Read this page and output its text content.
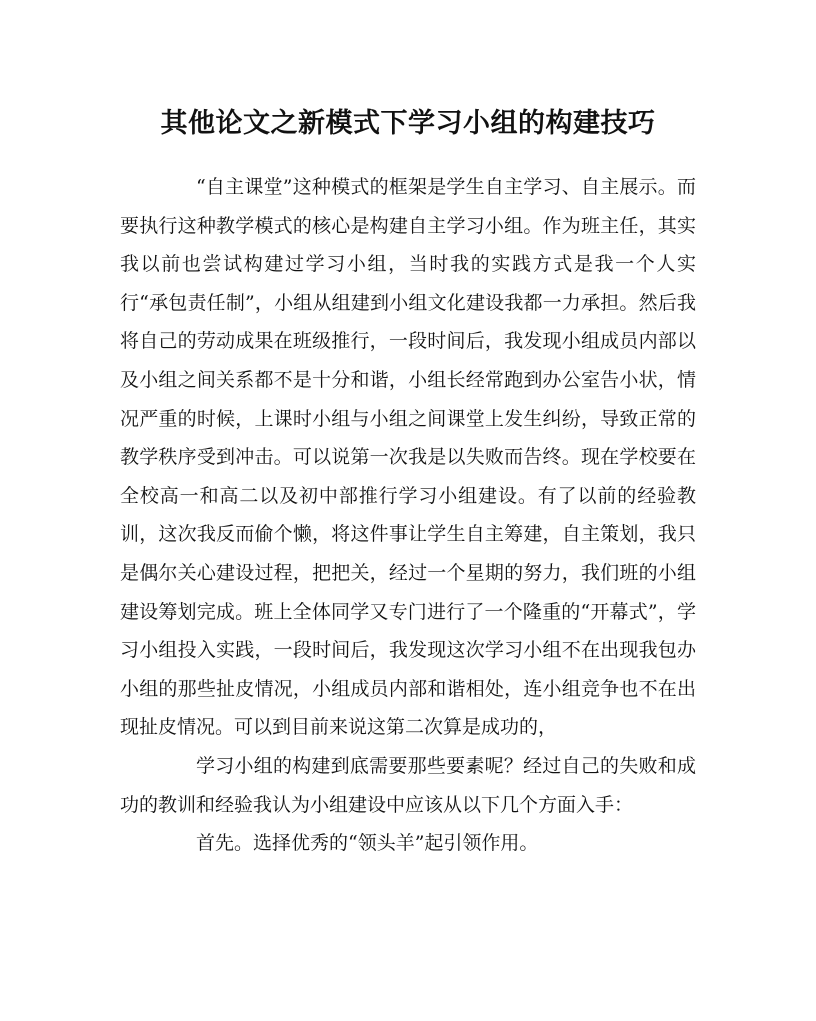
其他论文之新模式下学习小组的构建技巧

“自主课堂”这种模式的框架是学生自主学习、自主展示。而要执行这种教学模式的核心是构建自主学习小组。作为班主任，其实我以前也尝试构建过学习小组，当时我的实践方式是我一个人实行“承包责任制”，小组从组建到小组文化建设我都一力承担。然后我将自己的劳动成果在班级推行，一段时间后，我发现小组成员内部以及小组之间关系都不是十分和谐，小组长经常跑到办公室告小状，情况严重的时候，上课时小组与小组之间课堂上发生纠纷，导致正常的教学秩序受到冲击。可以说第一次我是以失败而告终。现在学校要在全校高一和高二以及初中部推行学习小组建设。有了以前的经验教训，这次我反而偷个懒，将这件事让学生自主筹建，自主策划，我只是偶尔关心建设过程，把把关，经过一个星期的努力，我们班的小组建设筹划完成。班上全体同学又专门进行了一个隆重的“开幕式”，学习小组投入实践，一段时间后，我发现这次学习小组不在出现我包办小组的那些扯皮情况，小组成员内部和谐相处，连小组竞争也不在出现扯皮情况。可以到目前来说这第二次算是成功的，

学习小组的构建到底需要那些要素呢？经过自己的失败和成功的教训和经验我认为小组建设中应该从以下几个方面入手：

首先。选择优秀的“领头羊”起引领作用。
